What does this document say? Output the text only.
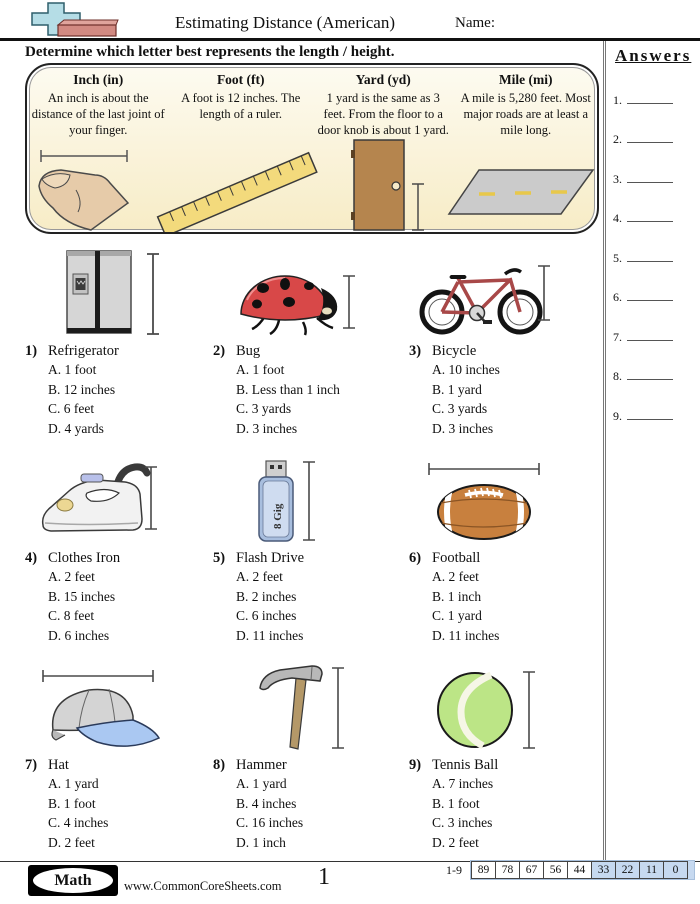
Estimating Distance (American)	Name:
Determine which letter best represents the length / height.	Answers
1.
2.
3.
4.
5.
6.
7.
8.
9.
Inch (in)
An inch is about the distance of the last joint of your finger.
Foot (ft)
A foot is 12 inches. The length of a ruler.
Yard (yd)
1 yard is the same as 3 feet. From the floor to a door knob is about 1 yard.
Mile (mi)
A mile is 5,280 feet. Most major roads are at least a mile long.
1) Refrigerator
A. 1 foot
B. 12 inches
C. 6 feet
D. 4 yards
2) Bug
A. 1 foot
B. Less than 1 inch
C. 3 yards
D. 3 inches
3) Bicycle
A. 10 inches
B. 1 yard
C. 3 yards
D. 3 inches
4) Clothes Iron
A. 2 feet
B. 15 inches
C. 8 feet
D. 6 inches
8 Gig
5) Flash Drive
A. 2 feet
B. 2 inches
C. 6 inches
D. 11 inches
6) Football
A. 2 feet
B. 1 inch
C. 1 yard
D. 11 inches
7) Hat
A. 1 yard
B. 1 foot
C. 4 inches
D. 2 feet
8) Hammer
A. 1 yard
B. 4 inches
C. 16 inches
D. 1 inch
9) Tennis Ball
A. 7 inches
B. 1 foot
C. 3 inches
D. 2 feet
Math	www.CommonCoreSheets.com 1	1-9	89	78	67	56	44	33	22	11	0
